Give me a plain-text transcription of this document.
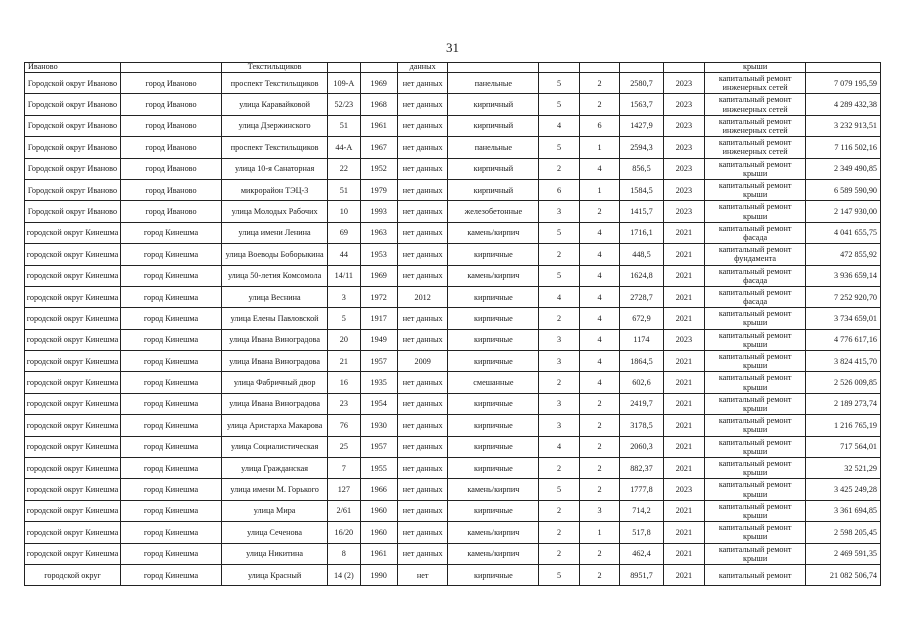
31
Иваново		Текстильщиков			данных						крыши	
Городской округ Иваново	город Иваново	проспект Текстильщиков	109-А	1969	нет данных	панельные	5	2	2580,7	2023	капитальный ремонт инженерных сетей	7 079 195,59
Городской округ Иваново	город Иваново	улица Каравайковой	52/23	1968	нет данных	кирпичный	5	2	1563,7	2023	капитальный ремонт инженерных сетей	4 289 432,38
Городской округ Иваново	город Иваново	улица Дзержинского	51	1961	нет данных	кирпичный	4	6	1427,9	2023	капитальный ремонт инженерных сетей	3 232 913,51
Городской округ Иваново	город Иваново	проспект Текстильщиков	44-А	1967	нет данных	панельные	5	1	2594,3	2023	капитальный ремонт инженерных сетей	7 116 502,16
Городской округ Иваново	город Иваново	улица 10-я Санаторная	22	1952	нет данных	кирпичный	2	4	856,5	2023	капитальный ремонт крыши	2 349 490,85
Городской округ Иваново	город Иваново	микрорайон ТЭЦ-3	51	1979	нет данных	кирпичный	6	1	1584,5	2023	капитальный ремонт крыши	6 589 590,90
Городской округ Иваново	город Иваново	улица Молодых Рабочих	10	1993	нет данных	железобетонные	3	2	1415,7	2023	капитальный ремонт крыши	2 147 930,00
городской округ Кинешма	город Кинешма	улица имени Ленина	69	1963	нет данных	камень/кирпич	5	4	1716,1	2021	капитальный ремонт фасада	4 041 655,75
городской округ Кинешма	город Кинешма	улица Воеводы Боборыкина	44	1953	нет данных	кирпичные	2	4	448,5	2021	капитальный ремонт фундамента	472 855,92
городской округ Кинешма	город Кинешма	улица 50-летия Комсомола	14/11	1969	нет данных	камень/кирпич	5	4	1624,8	2021	капитальный ремонт фасада	3 936 659,14
городской округ Кинешма	город Кинешма	улица Веснина	3	1972	2012	кирпичные	4	4	2728,7	2021	капитальный ремонт фасада	7 252 920,70
городской округ Кинешма	город Кинешма	улица Елены Павловской	5	1917	нет данных	кирпичные	2	4	672,9	2021	капитальный ремонт крыши	3 734 659,01
городской округ Кинешма	город Кинешма	улица Ивана Виноградова	20	1949	нет данных	кирпичные	3	4	1174	2023	капитальный ремонт крыши	4 776 617,16
городской округ Кинешма	город Кинешма	улица Ивана Виноградова	21	1957	2009	кирпичные	3	4	1864,5	2021	капитальный ремонт крыши	3 824 415,70
городской округ Кинешма	город Кинешма	улица Фабричный двор	16	1935	нет данных	смешанные	2	4	602,6	2021	капитальный ремонт крыши	2 526 009,85
городской округ Кинешма	город Кинешма	улица Ивана Виноградова	23	1954	нет данных	кирпичные	3	2	2419,7	2021	капитальный ремонт крыши	2 189 273,74
городской округ Кинешма	город Кинешма	улица Аристарха Макарова	76	1930	нет данных	кирпичные	3	2	3178,5	2021	капитальный ремонт крыши	1 216 765,19
городской округ Кинешма	город Кинешма	улица Социалистическая	25	1957	нет данных	кирпичные	4	2	2060,3	2021	капитальный ремонт крыши	717 564,01
городской округ Кинешма	город Кинешма	улица Гражданская	7	1955	нет данных	кирпичные	2	2	882,37	2021	капитальный ремонт крыши	32 521,29
городской округ Кинешма	город Кинешма	улица имени М. Горького	127	1966	нет данных	камень/кирпич	5	2	1777,8	2023	капитальный ремонт крыши	3 425 249,28
городской округ Кинешма	город Кинешма	улица Мира	2/61	1960	нет данных	кирпичные	2	3	714,2	2021	капитальный ремонт крыши	3 361 694,85
городской округ Кинешма	город Кинешма	улица Сеченова	16/20	1960	нет данных	камень/кирпич	2	1	517,8	2021	капитальный ремонт крыши	2 598 205,45
городской округ Кинешма	город Кинешма	улица Никитина	8	1961	нет данных	камень/кирпич	2	2	462,4	2021	капитальный ремонт крыши	2 469 591,35
городской округ	город Кинешма	улица Красный	14 (2)	1990	нет	кирпичные	5	2	8951,7	2021	капитальный ремонт	21 082 506,74
